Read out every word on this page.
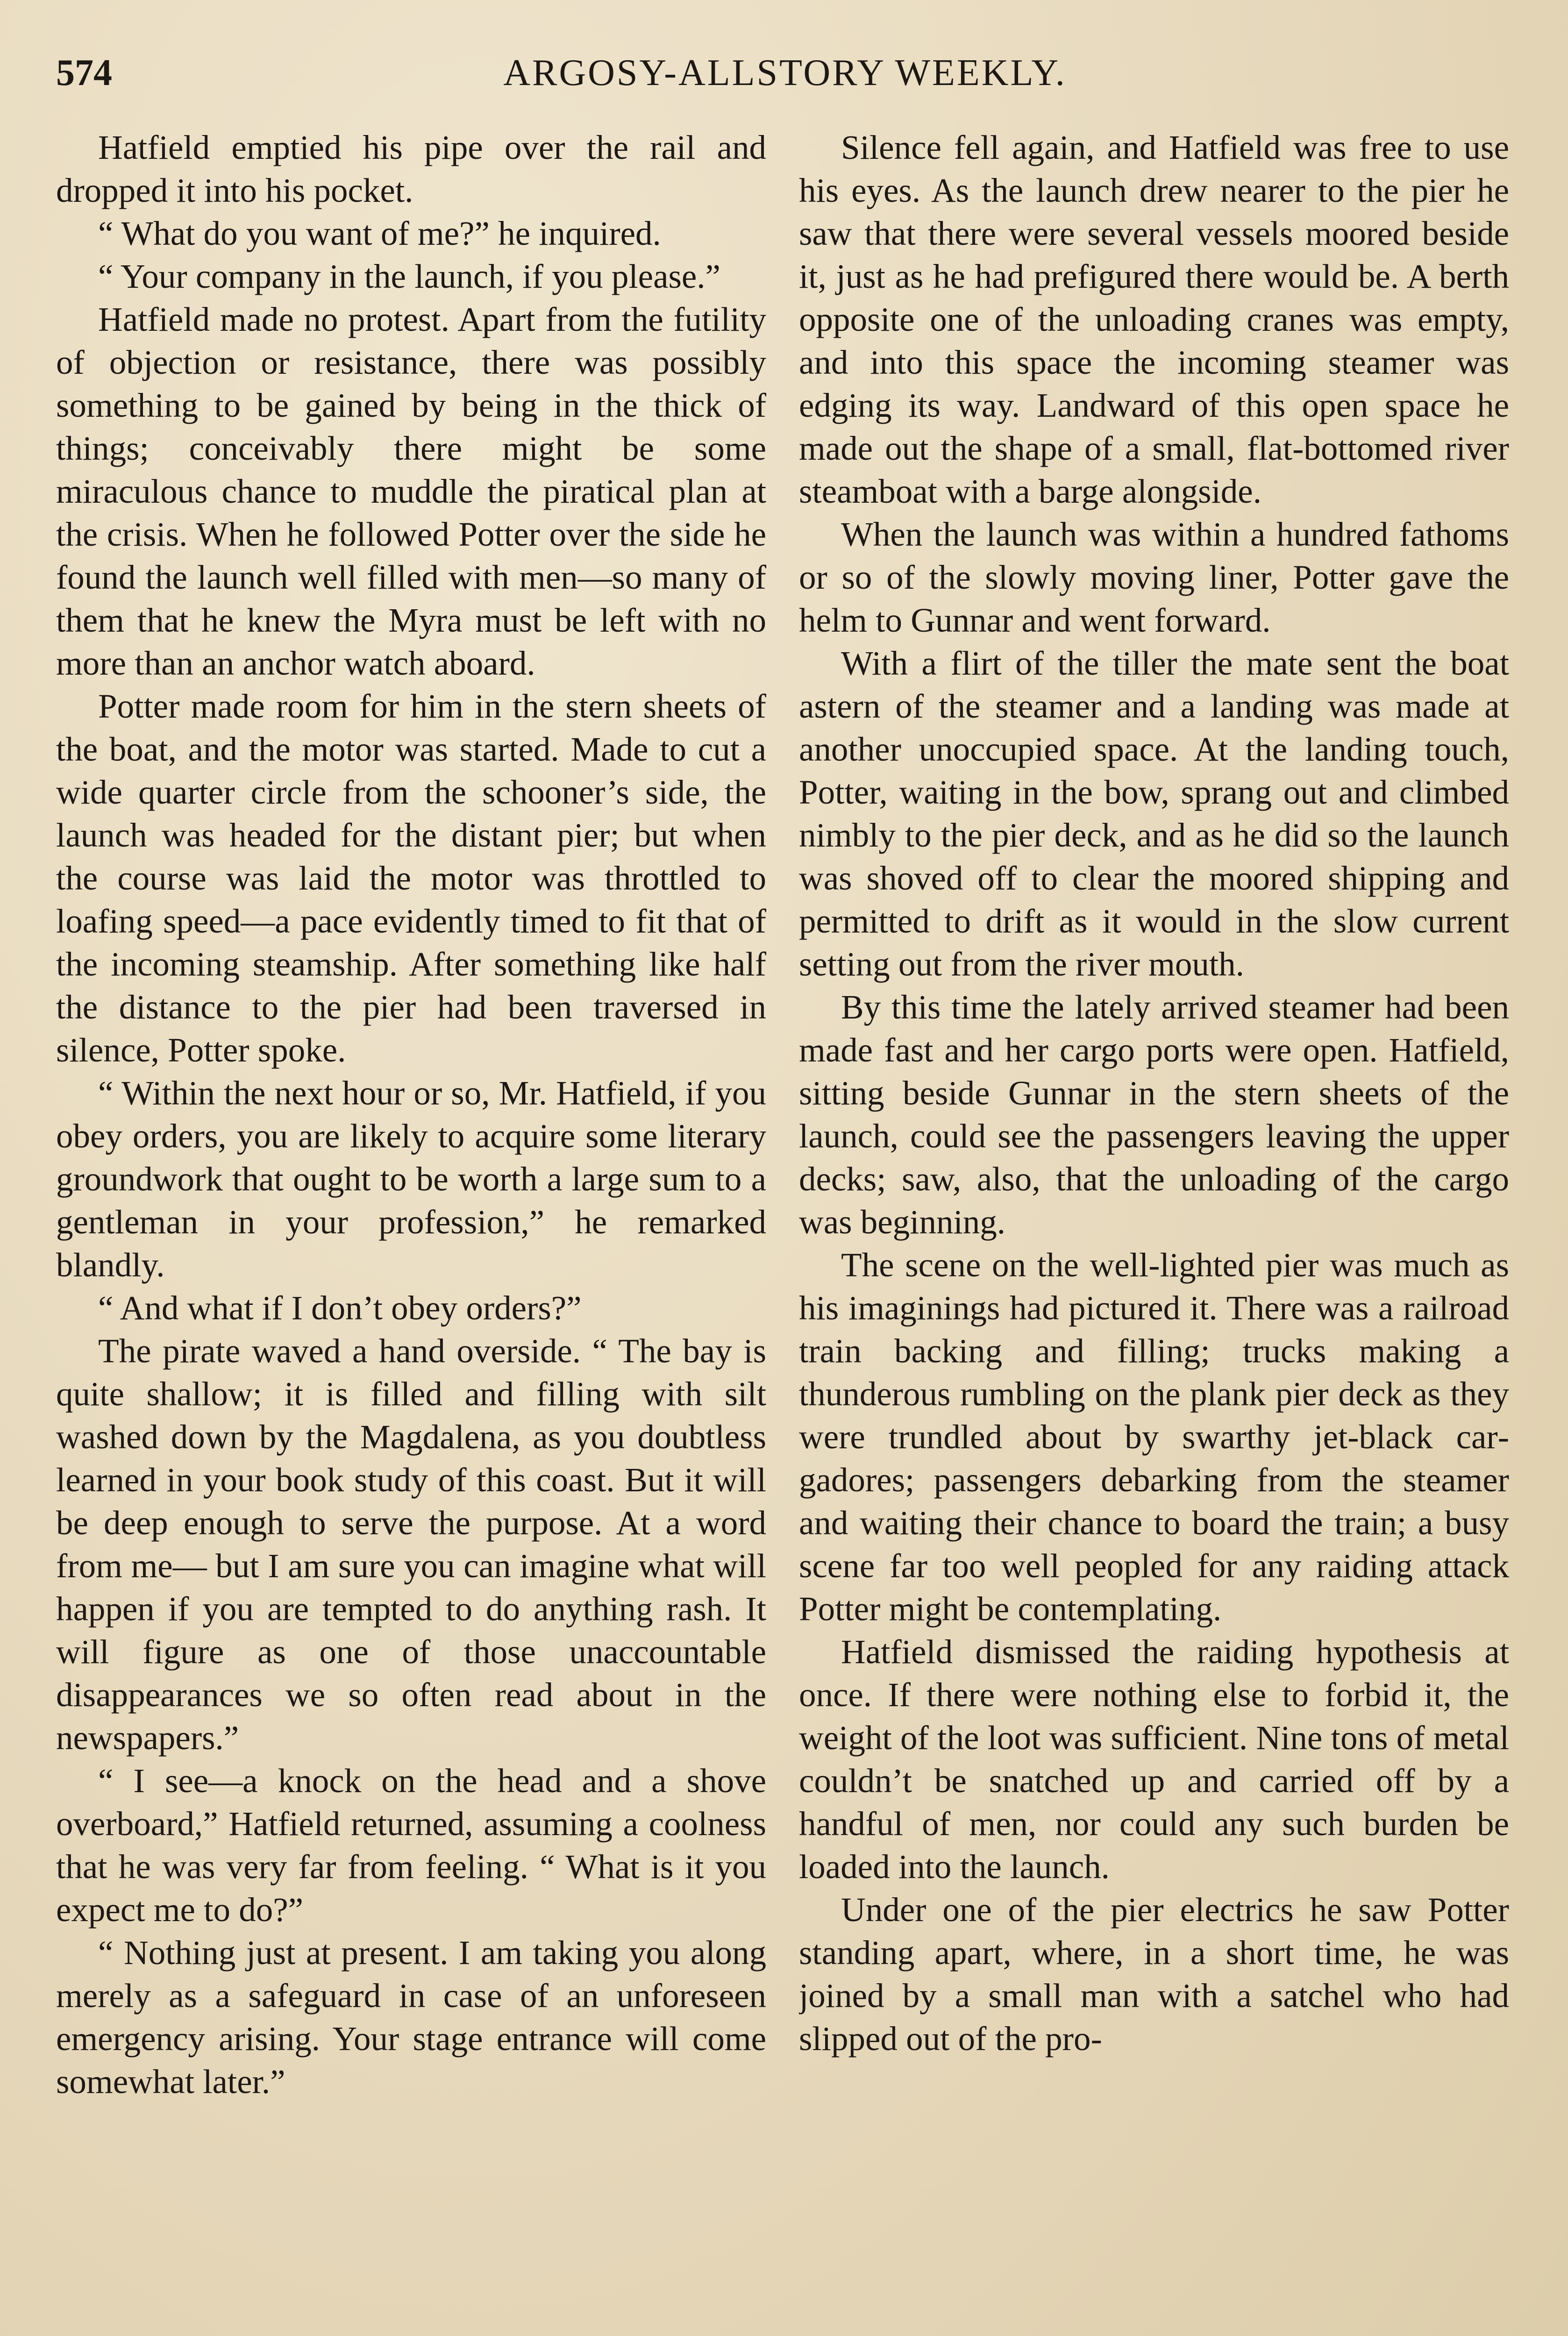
574	ARGOSY-ALLSTORY WEEKLY.

Hatfield emptied his pipe over the rail and dropped it into his pocket.

“ What do you want of me?” he inquired.

“ Your company in the launch, if you please.”

Hatfield made no protest. Apart from the futility of objection or resistance, there was possibly something to be gained by being in the thick of things; conceivably there might be some miraculous chance to muddle the piratical plan at the crisis. When he followed Potter over the side he found the launch well filled with men—so many of them that he knew the Myra must be left with no more than an anchor watch aboard.

Potter made room for him in the stern sheets of the boat, and the motor was started. Made to cut a wide quarter circle from the schooner’s side, the launch was headed for the distant pier; but when the course was laid the motor was throttled to loafing speed—a pace evidently timed to fit that of the incoming steamship. After something like half the distance to the pier had been traversed in silence, Potter spoke.

“ Within the next hour or so, Mr. Hatfield, if you obey orders, you are likely to acquire some literary groundwork that ought to be worth a large sum to a gentleman in your profession,” he remarked blandly.

“ And what if I don’t obey orders?”

The pirate waved a hand overside. “ The bay is quite shallow; it is filled and filling with silt washed down by the Magdalena, as you doubtless learned in your book study of this coast. But it will be deep enough to serve the purpose. At a word from me— but I am sure you can imagine what will happen if you are tempted to do anything rash. It will figure as one of those unaccountable disappearances we so often read about in the newspapers.”

“ I see—a knock on the head and a shove overboard,” Hatfield returned, assuming a coolness that he was very far from feeling. “ What is it you expect me to do?”

“ Nothing just at present. I am taking you along merely as a safeguard in case of an unforeseen emergency arising. Your stage entrance will come somewhat later.”

Silence fell again, and Hatfield was free to use his eyes. As the launch drew nearer to the pier he saw that there were several vessels moored beside it, just as he had prefigured there would be. A berth opposite one of the unloading cranes was empty, and into this space the incoming steamer was edging its way. Landward of this open space he made out the shape of a small, flat-bottomed river steamboat with a barge alongside.

When the launch was within a hundred fathoms or so of the slowly moving liner, Potter gave the helm to Gunnar and went forward.

With a flirt of the tiller the mate sent the boat astern of the steamer and a landing was made at another unoccupied space. At the landing touch, Potter, waiting in the bow, sprang out and climbed nimbly to the pier deck, and as he did so the launch was shoved off to clear the moored shipping and permitted to drift as it would in the slow current setting out from the river mouth.

By this time the lately arrived steamer had been made fast and her cargo ports were open. Hatfield, sitting beside Gunnar in the stern sheets of the launch, could see the passengers leaving the upper decks; saw, also, that the unloading of the cargo was beginning.

The scene on the well-lighted pier was much as his imaginings had pictured it. There was a railroad train backing and filling; trucks making a thunderous rumbling on the plank pier deck as they were trundled about by swarthy jet-black cargadores; passengers debarking from the steamer and waiting their chance to board the train; a busy scene far too well peopled for any raiding attack Potter might be contemplating.

Hatfield dismissed the raiding hypothesis at once. If there were nothing else to forbid it, the weight of the loot was sufficient. Nine tons of metal couldn’t be snatched up and carried off by a handful of men, nor could any such burden be loaded into the launch.

Under one of the pier electrics he saw Potter standing apart, where, in a short time, he was joined by a small man with a satchel who had slipped out of the pro-
